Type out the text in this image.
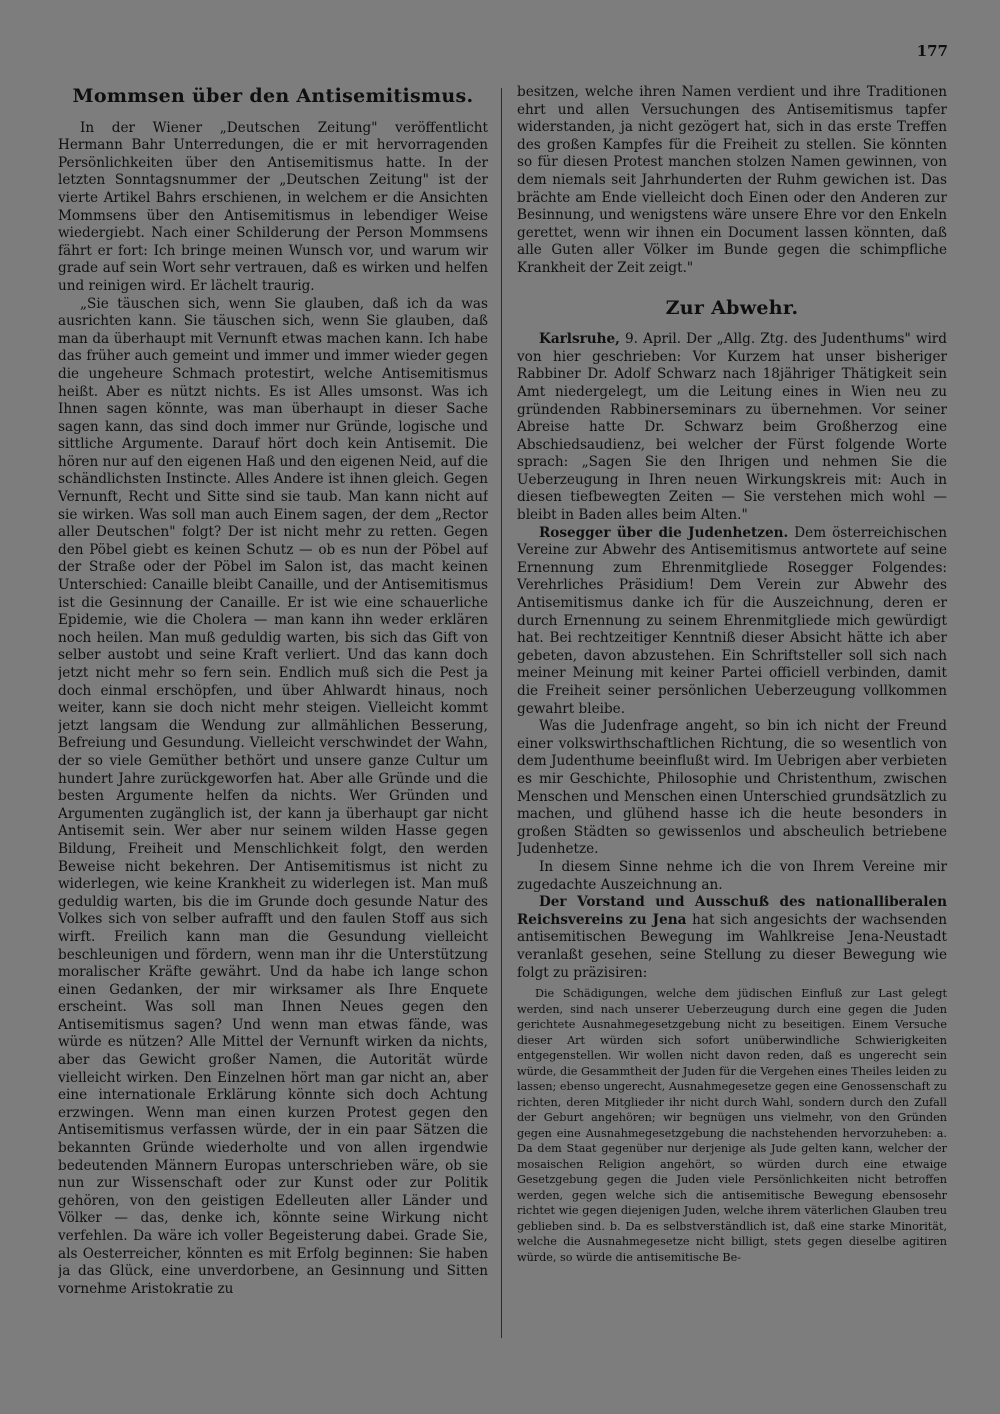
177
Mommsen über den Antisemitismus.

In der Wiener „Deutschen Zeitung" veröffentlicht Hermann Bahr Unterredungen, die er mit hervorragenden Persönlichkeiten über den Antisemitismus hatte. In der letzten Sonntagsnummer der „Deutschen Zeitung" ist der vierte Artikel Bahrs erschienen, in welchem er die Ansichten Mommsens über den Antisemitismus in lebendiger Weise wiedergiebt. Nach einer Schilderung der Person Mommsens fährt er fort: Ich bringe meinen Wunsch vor, und warum wir grade auf sein Wort sehr vertrauen, daß es wirken und helfen und reinigen wird. Er lächelt traurig.

„Sie täuschen sich, wenn Sie glauben, daß ich da was ausrichten kann. Sie täuschen sich, wenn Sie glauben, daß man da überhaupt mit Vernunft etwas machen kann. Ich habe das früher auch gemeint und immer und immer wieder gegen die ungeheure Schmach protestirt, welche Antisemitismus heißt. Aber es nützt nichts. Es ist Alles umsonst. Was ich Ihnen sagen könnte, was man überhaupt in dieser Sache sagen kann, das sind doch immer nur Gründe, logische und sittliche Argumente. Darauf hört doch kein Antisemit. Die hören nur auf den eigenen Haß und den eigenen Neid, auf die schändlichsten Instincte. Alles Andere ist ihnen gleich. Gegen Vernunft, Recht und Sitte sind sie taub. Man kann nicht auf sie wirken. Was soll man auch Einem sagen, der dem „Rector aller Deutschen" folgt? Der ist nicht mehr zu retten. Gegen den Pöbel giebt es keinen Schutz — ob es nun der Pöbel auf der Straße oder der Pöbel im Salon ist, das macht keinen Unterschied: Canaille bleibt Canaille, und der Antisemitismus ist die Gesinnung der Canaille. Er ist wie eine schauerliche Epidemie, wie die Cholera — man kann ihn weder erklären noch heilen. Man muß geduldig warten, bis sich das Gift von selber austobt und seine Kraft verliert. Und das kann doch jetzt nicht mehr so fern sein. Endlich muß sich die Pest ja doch einmal erschöpfen, und über Ahlwardt hinaus, noch weiter, kann sie doch nicht mehr steigen. Vielleicht kommt jetzt langsam die Wendung zur allmählichen Besserung, Befreiung und Gesundung. Vielleicht verschwindet der Wahn, der so viele Gemüther bethört und unsere ganze Cultur um hundert Jahre zurückgeworfen hat. Aber alle Gründe und die besten Argumente helfen da nichts. Wer Gründen und Argumenten zugänglich ist, der kann ja überhaupt gar nicht Antisemit sein. Wer aber nur seinem wilden Hasse gegen Bildung, Freiheit und Menschlichkeit folgt, den werden Beweise nicht bekehren. Der Antisemitismus ist nicht zu widerlegen, wie keine Krankheit zu widerlegen ist. Man muß geduldig warten, bis die im Grunde doch gesunde Natur des Volkes sich von selber aufrafft und den faulen Stoff aus sich wirft. Freilich kann man die Gesundung vielleicht beschleunigen und fördern, wenn man ihr die Unterstützung moralischer Kräfte gewährt. Und da habe ich lange schon einen Gedanken, der mir wirksamer als Ihre Enquete erscheint. Was soll man Ihnen Neues gegen den Antisemitismus sagen? Und wenn man etwas fände, was würde es nützen? Alle Mittel der Vernunft wirken da nichts, aber das Gewicht großer Namen, die Autorität würde vielleicht wirken. Den Einzelnen hört man gar nicht an, aber eine internationale Erklärung könnte sich doch Achtung erzwingen. Wenn man einen kurzen Protest gegen den Antisemitismus verfassen würde, der in ein paar Sätzen die bekannten Gründe wiederholte und von allen irgendwie bedeutenden Männern Europas unterschrieben wäre, ob sie nun zur Wissenschaft oder zur Kunst oder zur Politik gehören, von den geistigen Edelleuten aller Länder und Völker — das, denke ich, könnte seine Wirkung nicht verfehlen. Da wäre ich voller Begeisterung dabei. Grade Sie, als Oesterreicher, könnten es mit Erfolg beginnen: Sie haben ja das Glück, eine unverdorbene, an Gesinnung und Sitten vornehme Aristokratie zu

besitzen, welche ihren Namen verdient und ihre Traditionen ehrt und allen Versuchungen des Antisemitismus tapfer widerstanden, ja nicht gezögert hat, sich in das erste Treffen des großen Kampfes für die Freiheit zu stellen. Sie könnten so für diesen Protest manchen stolzen Namen gewinnen, von dem niemals seit Jahrhunderten der Ruhm gewichen ist. Das brächte am Ende vielleicht doch Einen oder den Anderen zur Besinnung, und wenigstens wäre unsere Ehre vor den Enkeln gerettet, wenn wir ihnen ein Document lassen könnten, daß alle Guten aller Völker im Bunde gegen die schimpfliche Krankheit der Zeit zeigt."

Zur Abwehr.

Karlsruhe, 9. April. Der „Allg. Ztg. des Judenthums" wird von hier geschrieben: Vor Kurzem hat unser bisheriger Rabbiner Dr. Adolf Schwarz nach 18jähriger Thätigkeit sein Amt niedergelegt, um die Leitung eines in Wien neu zu gründenden Rabbinerseminars zu übernehmen. Vor seiner Abreise hatte Dr. Schwarz beim Großherzog eine Abschiedsaudienz, bei welcher der Fürst folgende Worte sprach: „Sagen Sie den Ihrigen und nehmen Sie die Ueberzeugung in Ihren neuen Wirkungskreis mit: Auch in diesen tiefbewegten Zeiten — Sie verstehen mich wohl — bleibt in Baden alles beim Alten."

Rosegger über die Judenhetzen. Dem österreichischen Vereine zur Abwehr des Antisemitismus antwortete auf seine Ernennung zum Ehrenmitgliede Rosegger Folgendes: Verehrliches Präsidium! Dem Verein zur Abwehr des Antisemitismus danke ich für die Auszeichnung, deren er durch Ernennung zu seinem Ehrenmitgliede mich gewürdigt hat. Bei rechtzeitiger Kenntniß dieser Absicht hätte ich aber gebeten, davon abzustehen. Ein Schriftsteller soll sich nach meiner Meinung mit keiner Partei officiell verbinden, damit die Freiheit seiner persönlichen Ueberzeugung vollkommen gewahrt bleibe.

Was die Judenfrage angeht, so bin ich nicht der Freund einer volkswirthschaftlichen Richtung, die so wesentlich von dem Judenthume beeinflußt wird. Im Uebrigen aber verbieten es mir Geschichte, Philosophie und Christenthum, zwischen Menschen und Menschen einen Unterschied grundsätzlich zu machen, und glühend hasse ich die heute besonders in großen Städten so gewissenlos und abscheulich betriebene Judenhetze.

In diesem Sinne nehme ich die von Ihrem Vereine mir zugedachte Auszeichnung an.

Der Vorstand und Ausschuß des nationalliberalen Reichsvereins zu Jena hat sich angesichts der wachsenden antisemitischen Bewegung im Wahlkreise Jena-Neustadt veranlaßt gesehen, seine Stellung zu dieser Bewegung wie folgt zu präzisiren:

Die Schädigungen, welche dem jüdischen Einfluß zur Last gelegt werden, sind nach unserer Ueberzeugung durch eine gegen die Juden gerichtete Ausnahmegesetzgebung nicht zu beseitigen. Einem Versuche dieser Art würden sich sofort unüberwindliche Schwierigkeiten entgegenstellen. Wir wollen nicht davon reden, daß es ungerecht sein würde, die Gesammtheit der Juden für die Vergehen eines Theiles leiden zu lassen; ebenso ungerecht, Ausnahmegesetze gegen eine Genossenschaft zu richten, deren Mitglieder ihr nicht durch Wahl, sondern durch den Zufall der Geburt angehören; wir begnügen uns vielmehr, von den Gründen gegen eine Ausnahmegesetzgebung die nachstehenden hervorzuheben: a. Da dem Staat gegenüber nur derjenige als Jude gelten kann, welcher der mosaischen Religion angehört, so würden durch eine etwaige Gesetzgebung gegen die Juden viele Persönlichkeiten nicht betroffen werden, gegen welche sich die antisemitische Bewegung ebensosehr richtet wie gegen diejenigen Juden, welche ihrem väterlichen Glauben treu geblieben sind. b. Da es selbstverständlich ist, daß eine starke Minorität, welche die Ausnahmegesetze nicht billigt, stets gegen dieselbe agitiren würde, so würde die antisemitische Be-
